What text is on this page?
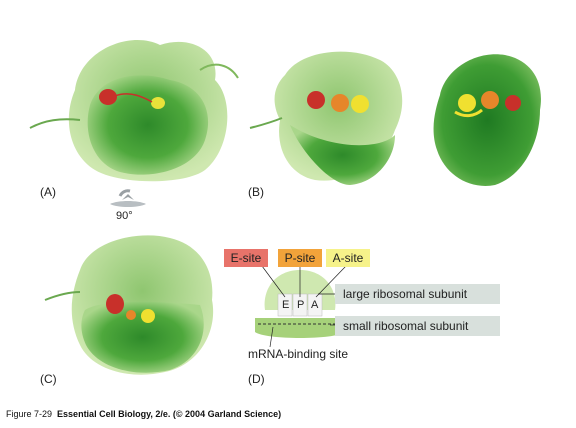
(A)	(B)
(C)	(D)
90°
E-site	P-site	A-site
E P A
large ribosomal subunit
small ribosomal subunit
mRNA-binding site
Figure 7-29 Essential Cell Biology, 2/e. (© 2004 Garland Science)
